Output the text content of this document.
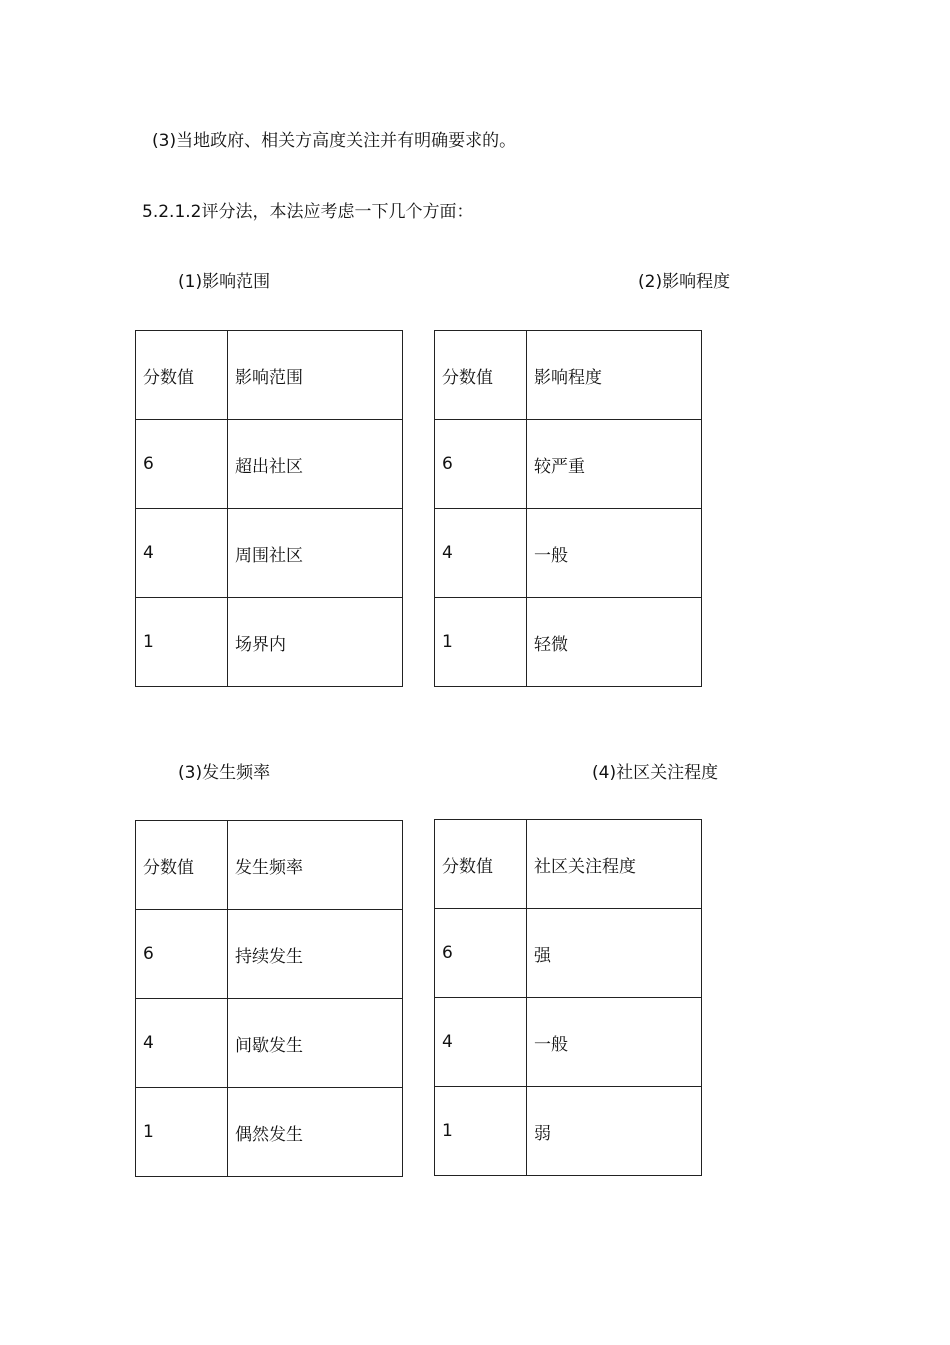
(3)当地政府、相关方高度关注并有明确要求的。

5.2.1.2评分法，本法应考虑一下几个方面：

(1)影响范围

分数值	影响范围
6	超出社区
4	周围社区
1	场界内

(2)影响程度

分数值	影响程度
6	较严重
4	一般
1	轻微

(3)发生频率

分数值	发生频率
6	持续发生
4	间歇发生
1	偶然发生

(4)社区关注程度

分数值	社区关注程度
6	强
4	一般
1	弱
